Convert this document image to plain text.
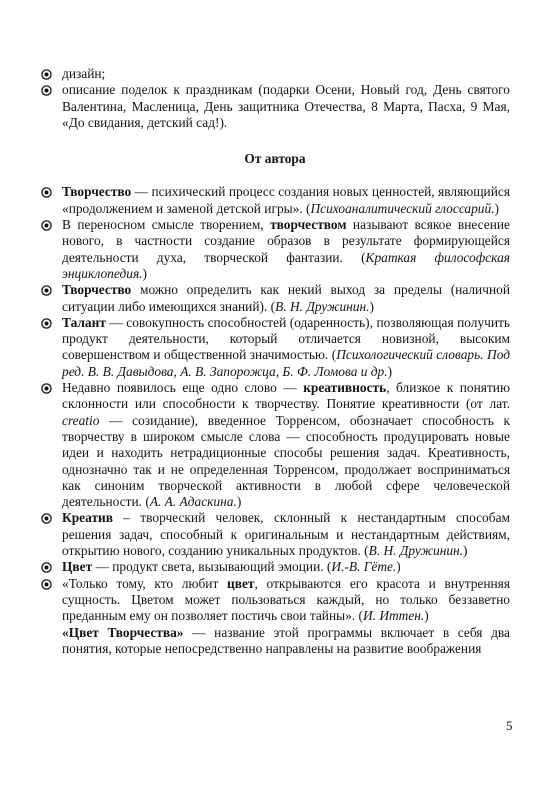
дизайн;

описание поделок к праздникам (подарки Осени, Новый год, День святого Валентина, Масленица, День защитника Отечества, 8 Марта, Пасха, 9 Мая, «До свидания, детский сад!).

От автора

Творчество — психический процесс создания новых ценностей, являющийся «продолжением и заменой детской игры». (Психоаналитический глоссарий.)

В переносном смысле творением, творчеством называют всякое внесение нового, в частности создание образов в результате формирующейся деятельности духа, творческой фантазии. (Краткая философская энциклопедия.)

Творчество можно определить как некий выход за пределы (наличной ситуации либо имеющихся знаний). (В. Н. Дружинин.)

Талант — совокупность способностей (одаренность), позволяющая получить продукт деятельности, который отличается новизной, высоким совершенством и общественной значимостью. (Психологический словарь. Под ред. В. В. Давыдова, А. В. Запорожца, Б. Ф. Ломова и др.)

Недавно появилось еще одно слово — креативность, близкое к понятию склонности или способности к творчеству. Понятие креативности (от лат. creatio — созидание), введенное Торренсом, обозначает способность к творчеству в широком смысле слова — способность продуцировать новые идеи и находить нетрадиционные способы решения задач. Креативность, однозначно так и не определенная Торренсом, продолжает восприниматься как синоним творческой активности в любой сфере человеческой деятельности. (А. А. Адаскина.)

Креатив – творческий человек, склонный к нестандартным способам решения задач, способный к оригинальным и нестандартным действиям, открытию нового, созданию уникальных продуктов. (В. Н. Дружинин.)

Цвет — продукт света, вызывающий эмоции. (И.-В. Гёте.)

«Только тому, кто любит цвет, открываются его красота и внутренняя сущность. Цветом может пользоваться каждый, но только беззаветно преданным ему он позволяет постичь свои тайны». (И. Иттен.)

«Цвет Творчества» — название этой программы включает в себя два понятия, которые непосредственно направлены на развитие воображения

5
